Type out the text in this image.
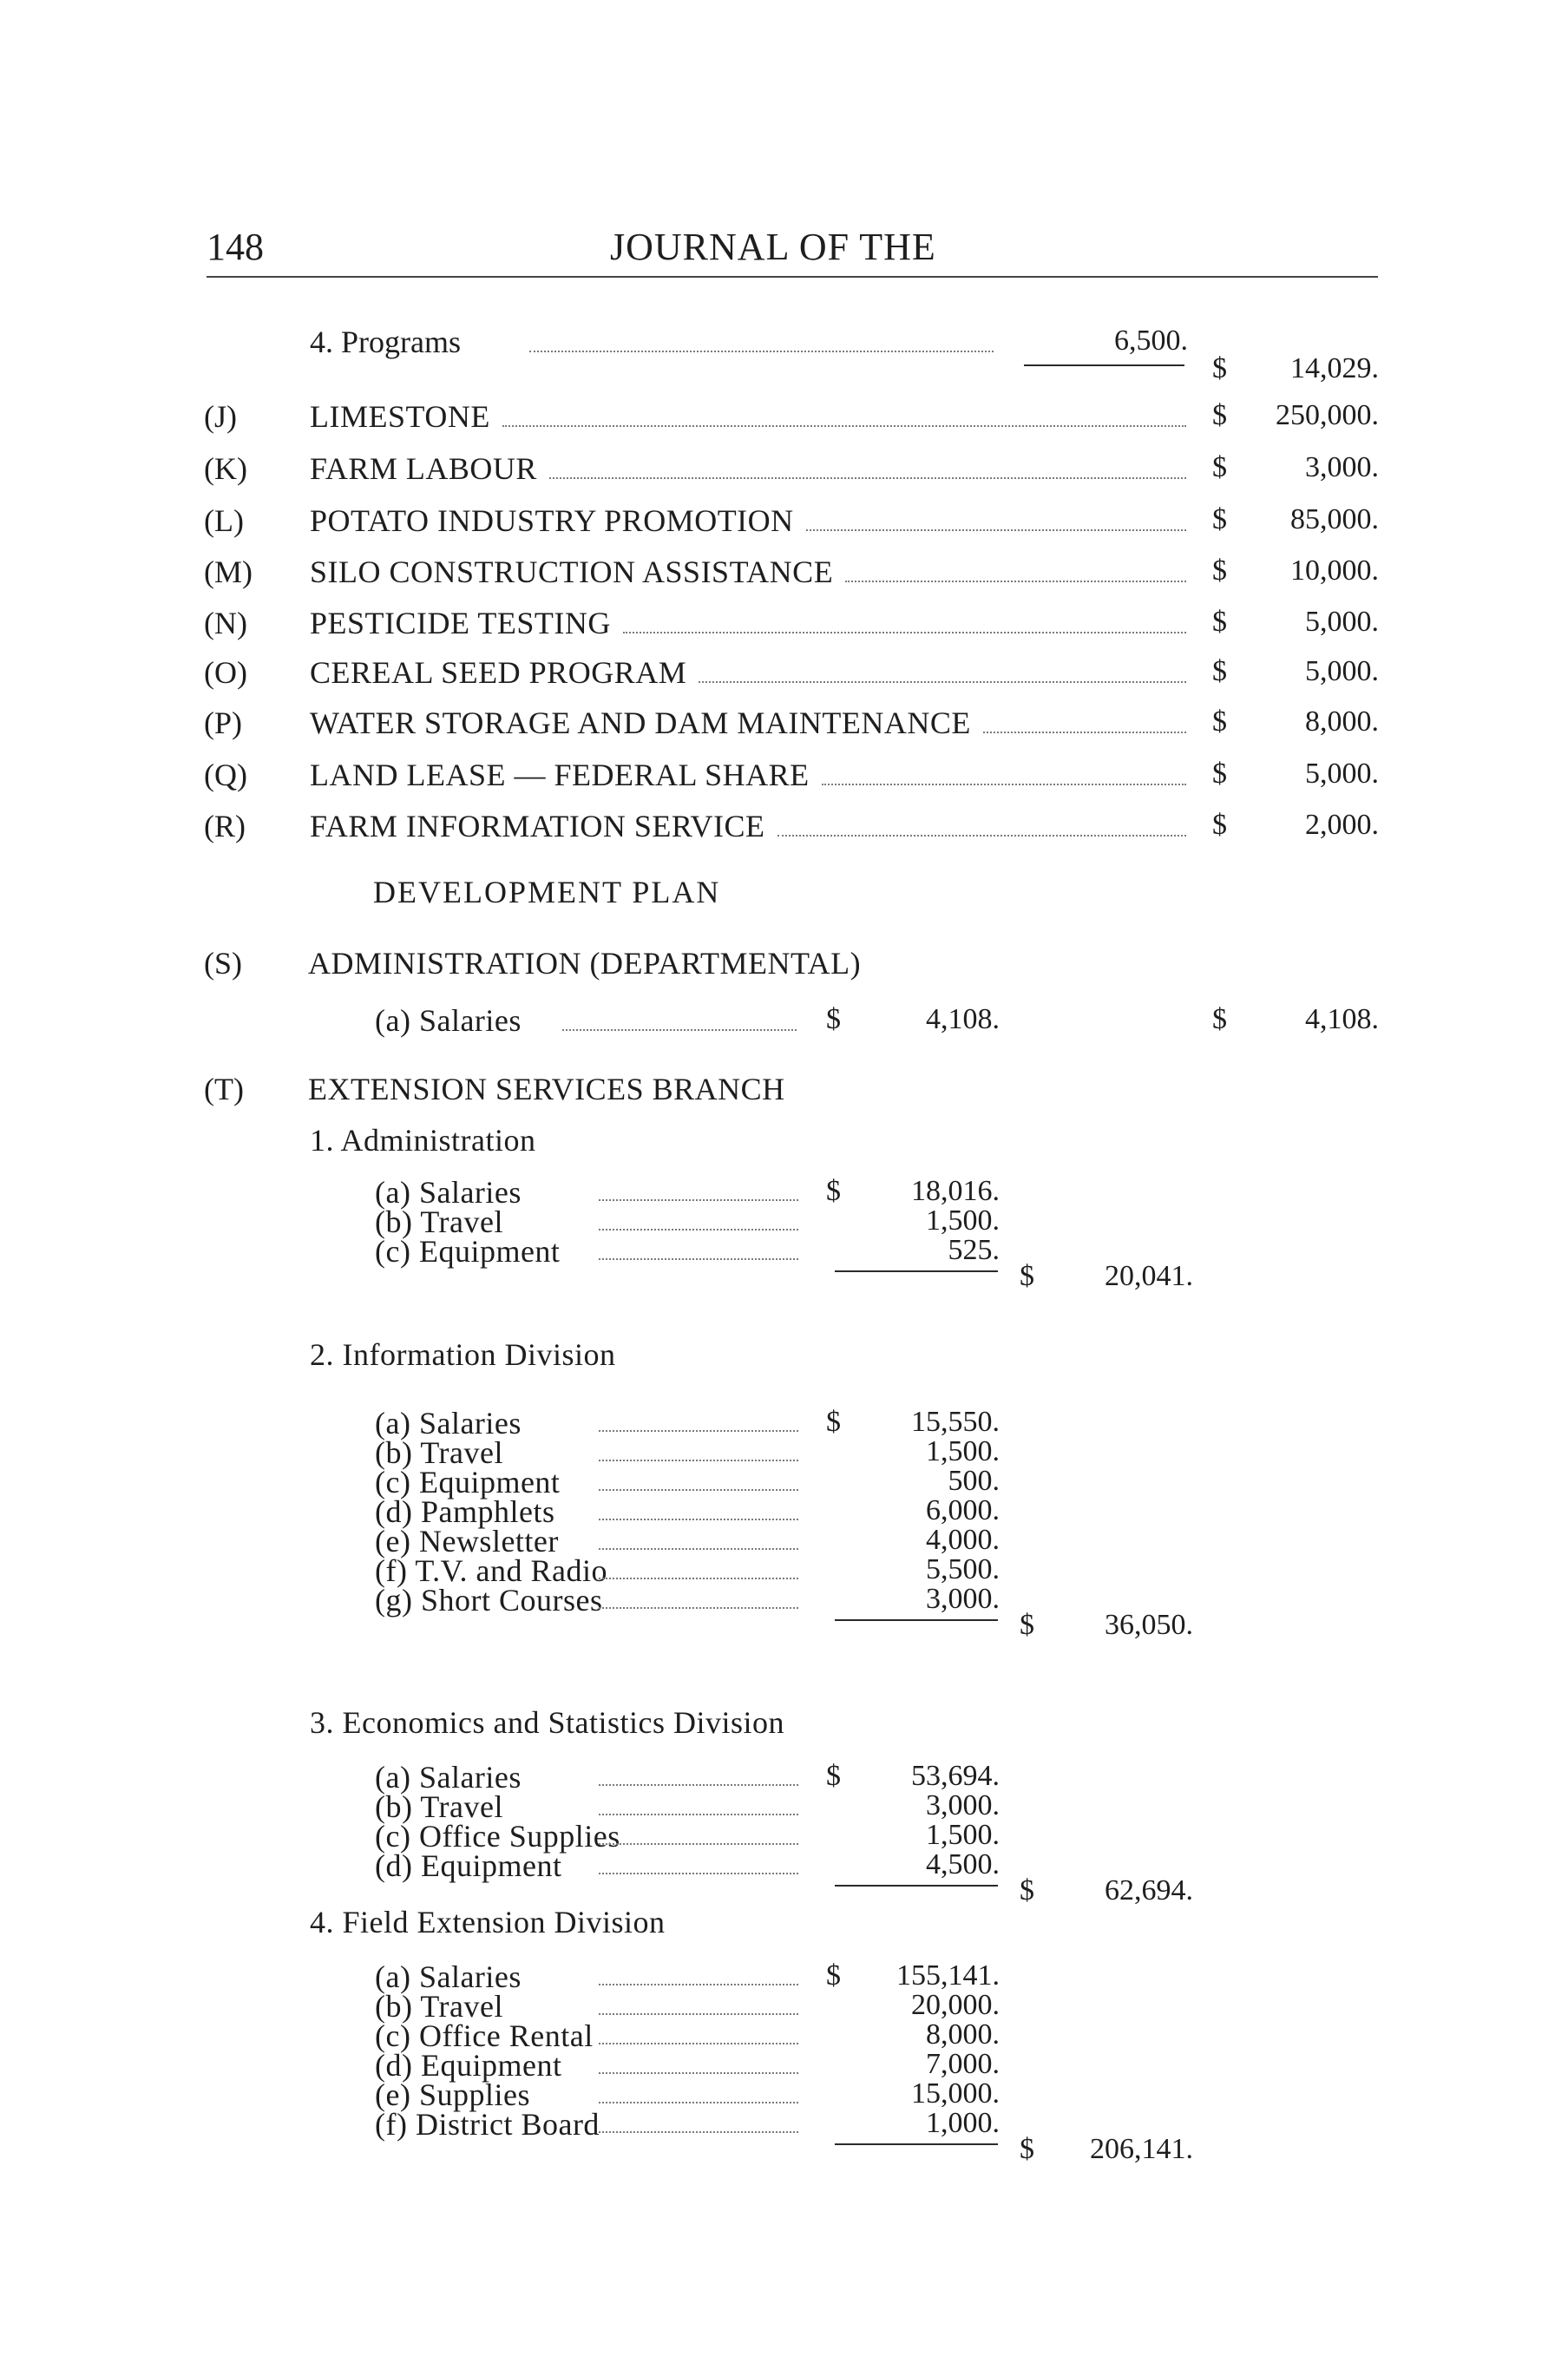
148	JOURNAL OF THE
4. Programs	6,500.
$ 14,029.
(J) LIMESTONE	$ 250,000.
(K) FARM LABOUR	$	3,000.
(L) POTATO INDUSTRY PROMOTION	$ 85,000.
(M) SILO CONSTRUCTION ASSISTANCE	$ 10,000.
(N) PESTICIDE TESTING	$	5,000.
(O) CEREAL SEED PROGRAM	$	5,000.
(P) WATER STORAGE AND DAM MAINTENANCE	$	8,000.
(Q) LAND LEASE — FEDERAL SHARE	$	5,000.
(R) FARM INFORMATION SERVICE	$	2,000.
DEVELOPMENT PLAN
(S) ADMINISTRATION (DEPARTMENTAL)
(a) Salaries	$	4,108.	$	4,108.
(T) EXTENSION SERVICES BRANCH
1. Administration
(a) Salaries	$ 18,016.
(b) Travel	1,500.
(c) Equipment	525.
$ 20,041.
2. Information Division
(a) Salaries	$ 15,550.
(b) Travel	1,500.
(c) Equipment	500.
(d) Pamphlets	6,000.
(e) Newsletter	4,000.
(f) T.V. and Radio	5,500.
(g) Short Courses	3,000.
$ 36,050.
3. Economics and Statistics Division
(a) Salaries	$ 53,694.
(b) Travel	3,000.
(c) Office Supplies	1,500.
(d) Equipment	4,500.
$ 62,694.
4. Field Extension Division
(a) Salaries	$ 155,141.
(b) Travel	20,000.
(c) Office Rental	8,000.
(d) Equipment	7,000.
(e) Supplies	15,000.
(f) District Board	1,000.
$ 206,141.
